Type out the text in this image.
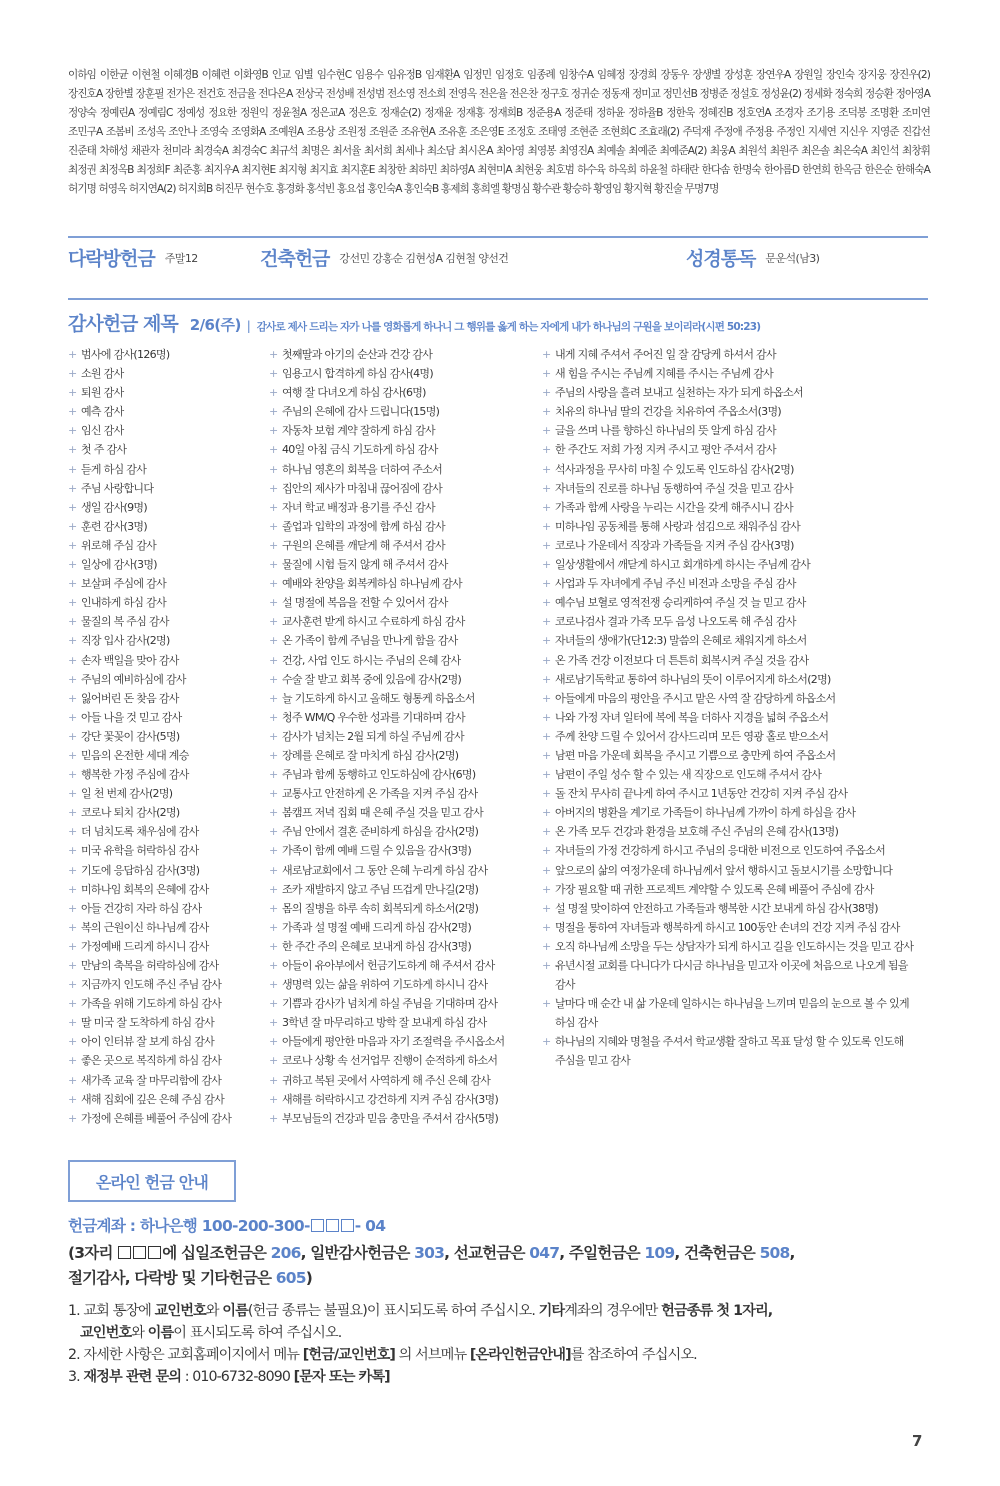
이하임 이한균 이현철 이혜경B 이혜련 이화영B 인교 임별 임수현C 임용수 임유정B 임재환A 임정민 임정호 임종례 임창수A 임혜정 장경희 장동우 장생별 장성훈 장연우A 장원일 장인숙 장지웅 장진우(2) 장진호A 장한별 장훈필 전가은 전건호 전금율 전다은A 전상국 전성배 전성범 전소영 전소희 전영옥 전은율 전은찬 정구호 정귀순 정동재 정미교 정민선B 정병준 정설호 정성윤(2) 정세화 정숙희 정승환 정아영A 정양숙 정예린A 정예림C 정예성 정요한 정원익 정윤철A 정은교A 정은호 정재순(2) 정재윤 정재홍 정재희B 정준용A 정준태 정하윤 정하율B 정한욱 정혜진B 정호연A 조경자 조기용 조덕봉 조명환 조미연 조민구A 조봄비 조성옥 조안나 조영숙 조영화A 조예원A 조용상 조원정 조원준 조유현A 조유훈 조은영E 조정호 조태영 조현준 조현희C 조효래(2) 주덕재 주정애 주정용 주정인 지세연 지신우 지영준 진갑선 진준태 차해성 채관자 천미라 최경숙A 최경숙C 최규석 최명은 최서율 최서희 최세나 최소담 최시온A 최아영 최영봉 최영진A 최예솔 최예준 최예준A(2) 최웅A 최원석 최원주 최은솔 최은숙A 최인석 최창휘 최정권 최정옥B 최정희F 최준홍 최지우A 최지현E 최지형 최지효 최지훈E 최창한 최하민 최하영A 최현미A 최현웅 최호범 하수육 하옥희 하윤철 하태란 한다솜 한명숙 한아름D 한연희 한옥금 한은순 한해숙A 허기명 허영옥 허지연A(2) 허지희B 허진무 현수호 홍경화 홍석빈 홍요섭 홍인숙A 홍인숙B 홍제희 홍희엘 황명심 황수관 황승하 황영임 황지혁 황진술 무명7명
다락방헌금 주말12	건축헌금 강선민 강홍순 김현성A 김현철 양선건	성경통독 문운석(남3)
감사헌금 제목 2/6(주) | 감사로 제사 드리는 자가 나를 영화롭게 하나니 그 행위를 옳게 하는 자에게 내가 하나님의 구원을 보이리라(시편 50:23)
+ 범사에 감사(126명)
+ 소원 감사
+ 퇴원 감사
+ 예측 감사
+ 임신 감사
+ 첫 주 감사
+ 듣게 하심 감사
+ 주님 사랑합니다
+ 생일 감사(9명)
+ 훈련 감사(3명)
+ 위로해 주심 감사
+ 일상에 감사(3명)
+ 보살펴 주심에 감사
+ 인내하게 하심 감사
+ 물질의 복 주심 감사
+ 직장 입사 감사(2명)
+ 손자 백일을 맞아 감사
+ 주님의 예비하심에 감사
+ 잃어버린 돈 찾음 감사
+ 아들 나을 것 믿고 감사
+ 강단 꽃꽂이 감사(5명)
+ 믿음의 온전한 세대 계승
+ 행복한 가정 주심에 감사
+ 일 천 번제 감사(2명)
+ 코로나 퇴치 감사(2명)
+ 더 넘치도록 채우심에 감사
+ 미국 유학을 허락하심 감사
+ 기도에 응답하심 감사(3명)
+ 미하나임 회복의 은혜에 감사
+ 아들 건강히 자라 하심 감사
+ 복의 근원이신 하나님께 감사
+ 가정예배 드리게 하시니 감사
+ 만남의 축복을 허락하심에 감사
+ 지금까지 인도해 주신 주님 감사
+ 가족을 위해 기도하게 하심 감사
+ 딸 미국 잘 도착하게 하심 감사
+ 아이 인터뷰 잘 보게 하심 감사
+ 좋은 곳으로 복직하게 하심 감사
+ 새가족 교육 잘 마무리함에 감사
+ 새해 집회에 깊은 은혜 주심 감사
+ 가정에 은혜를 베풀어 주심에 감사
+ 첫째딸과 아기의 순산과 건강 감사
+ 임용고시 합격하게 하심 감사(4명)
+ 여행 잘 다녀오게 하심 감사(6명)
+ 주님의 은혜에 감사 드립니다(15명)
+ 자동차 보험 계약 잘하게 하심 감사
+ 40일 아침 금식 기도하게 하심 감사
+ 하나님 영혼의 회복을 더하여 주소서
+ 집안의 제사가 마침내 끊어짐에 감사
+ 자녀 학교 배정과 용기를 주신 감사
+ 졸업과 입학의 과정에 함께 하심 감사
+ 구원의 은혜를 깨닫게 해 주셔서 감사
+ 물질에 시험 들지 않게 해 주셔서 감사
+ 예배와 찬양을 회복케하심 하나님께 감사
+ 설 명절에 복음을 전할 수 있어서 감사
+ 교사훈련 받게 하시고 수료하게 하심 감사
+ 온 가족이 함께 주님을 만나게 함을 감사
+ 건강, 사업 인도 하시는 주님의 은혜 감사
+ 수술 잘 받고 회복 중에 있음에 감사(2명)
+ 늘 기도하게 하시고 올해도 형통케 하옵소서
+ 청주 WM/Q 우수한 성과를 기대하며 감사
+ 감사가 넘치는 2월 되게 하실 주님께 감사
+ 장례를 은혜로 잘 마치게 하심 감사(2명)
+ 주님과 함께 동행하고 인도하심에 감사(6명)
+ 교통사고 안전하게 온 가족을 지켜 주심 감사
+ 봄캠프 저녁 집회 때 은혜 주실 것을 믿고 감사
+ 주님 안에서 결혼 준비하게 하심을 감사(2명)
+ 가족이 함께 예배 드릴 수 있음을 감사(3명)
+ 새로남교회에서 그 동안 은혜 누리게 하심 감사
+ 조카 재발하지 않고 주님 뜨겁게 만나길(2명)
+ 몸의 질병을 하루 속히 회복되게 하소서(2명)
+ 가족과 설 명절 예배 드리게 하심 감사(2명)
+ 한 주간 주의 은혜로 보내게 하심 감사(3명)
+ 아들이 유아부에서 헌금기도하게 해 주셔서 감사
+ 생명력 있는 삶을 위하여 기도하게 하시니 감사
+ 기쁨과 감사가 넘치게 하실 주님을 기대하며 감사
+ 3학년 잘 마무리하고 방학 잘 보내게 하심 감사
+ 아들에게 평안한 마음과 자기 조절력을 주시옵소서
+ 코로나 상황 속 선거업무 진행이 순적하게 하소서
+ 귀하고 복된 곳에서 사역하게 해 주신 은혜 감사
+ 새해를 허락하시고 강건하게 지켜 주심 감사(3명)
+ 부모님들의 건강과 믿음 충만을 주셔서 감사(5명)
+ 내게 지혜 주셔서 주어진 일 잘 감당케 하셔서 감사
+ 새 힘을 주시는 주님께 지혜를 주시는 주님께 감사
+ 주님의 사랑을 흘려 보내고 실천하는 자가 되게 하옵소서
+ 치유의 하나님 딸의 건강을 치유하여 주옵소서(3명)
+ 글을 쓰며 나를 향하신 하나님의 뜻 알게 하심 감사
+ 한 주간도 저희 가정 지켜 주시고 평안 주셔서 감사
+ 석사과정을 무사히 마칠 수 있도록 인도하심 감사(2명)
+ 자녀들의 진로를 하나님 동행하여 주실 것을 믿고 감사
+ 가족과 함께 사랑을 누리는 시간을 갖게 해주시니 감사
+ 미하나임 공동체를 통해 사랑과 섬김으로 채워주심 감사
+ 코로나 가운데서 직장과 가족들을 지켜 주심 감사(3명)
+ 일상생활에서 깨닫게 하시고 회개하게 하시는 주님께 감사
+ 사업과 두 자녀에게 주님 주신 비전과 소망을 주심 감사
+ 예수님 보혈로 영적전쟁 승리케하여 주실 것 늘 믿고 감사
+ 코로나검사 결과 가족 모두 음성 나오도록 해 주심 감사
+ 자녀들의 생애가(단12:3) 말씀의 은혜로 채워지게 하소서
+ 온 가족 건강 이전보다 더 튼튼히 회복시켜 주실 것을 감사
+ 새로남기독학교 통하여 하나님의 뜻이 이루어지게 하소서(2명)
+ 아들에게 마음의 평안을 주시고 맡은 사역 잘 감당하게 하옵소서
+ 나와 가정 자녀 일터에 복에 복을 더하사 지경을 넓혀 주옵소서
+ 주께 찬양 드릴 수 있어서 감사드리며 모든 영광 홀로 받으소서
+ 남편 마음 가운데 회복을 주시고 기쁨으로 충만케 하여 주옵소서
+ 남편이 주일 성수 할 수 있는 새 직장으로 인도해 주셔서 감사
+ 돌 잔치 무사히 끝나게 하여 주시고 1년동안 건강히 지켜 주심 감사
+ 아버지의 병환을 계기로 가족들이 하나님께 가까이 하게 하심을 감사
+ 온 가족 모두 건강과 환경을 보호해 주신 주님의 은혜 감사(13명)
+ 자녀들의 가정 건강하게 하시고 주님의 응대한 비전으로 인도하여 주옵소서
+ 앞으로의 삶의 여정가운데 하나님께서 앞서 행하시고 돌보시기를 소망합니다
+ 가장 필요할 때 귀한 프로젝트 계약할 수 있도록 은혜 베풀어 주심에 감사
+ 설 명절 맞이하여 안전하고 가족들과 행복한 시간 보내게 하심 감사(38명)
+ 명절을 통하여 자녀들과 행복하게 하시고 100동안 손녀의 건강 지켜 주심 감사
+ 오직 하나님께 소망을 두는 상담자가 되게 하시고 길을 인도하시는 것을 믿고 감사
+ 유년시절 교회를 다니다가 다시금 하나님을 믿고자 이곳에 처음으로 나오게 됨을 감사
+ 날마다 매 순간 내 삶 가운데 일하시는 하나님을 느끼며 믿음의 눈으로 볼 수 있게 하심 감사
+ 하나님의 지혜와 명철을 주셔서 학교생활 잘하고 목표 달성 할 수 있도록 인도해 주심을 믿고 감사
온라인 헌금 안내
헌금계좌 : 하나은행 100-200-300-	- 04
(3자리	에 십일조헌금은 206, 일반감사헌금은 303, 선교헌금은 047, 주일헌금은 109, 건축헌금은 508,
절기감사, 다락방 및 기타헌금은 605)
1. 교회 통장에 교인번호와 이름(헌금 종류는 불필요)이 표시되도록 하여 주십시오. 기타계좌의 경우에만 헌금종류 첫 1자리,
교인번호와 이름이 표시되도록 하여 주십시오.
2. 자세한 사항은 교회홈페이지에서 메뉴 [헌금/교인번호] 의 서브메뉴 [온라인헌금안내]를 참조하여 주십시오.
3. 재정부 관련 문의 : 010-6732-8090 [문자 또는 카톡]
7
